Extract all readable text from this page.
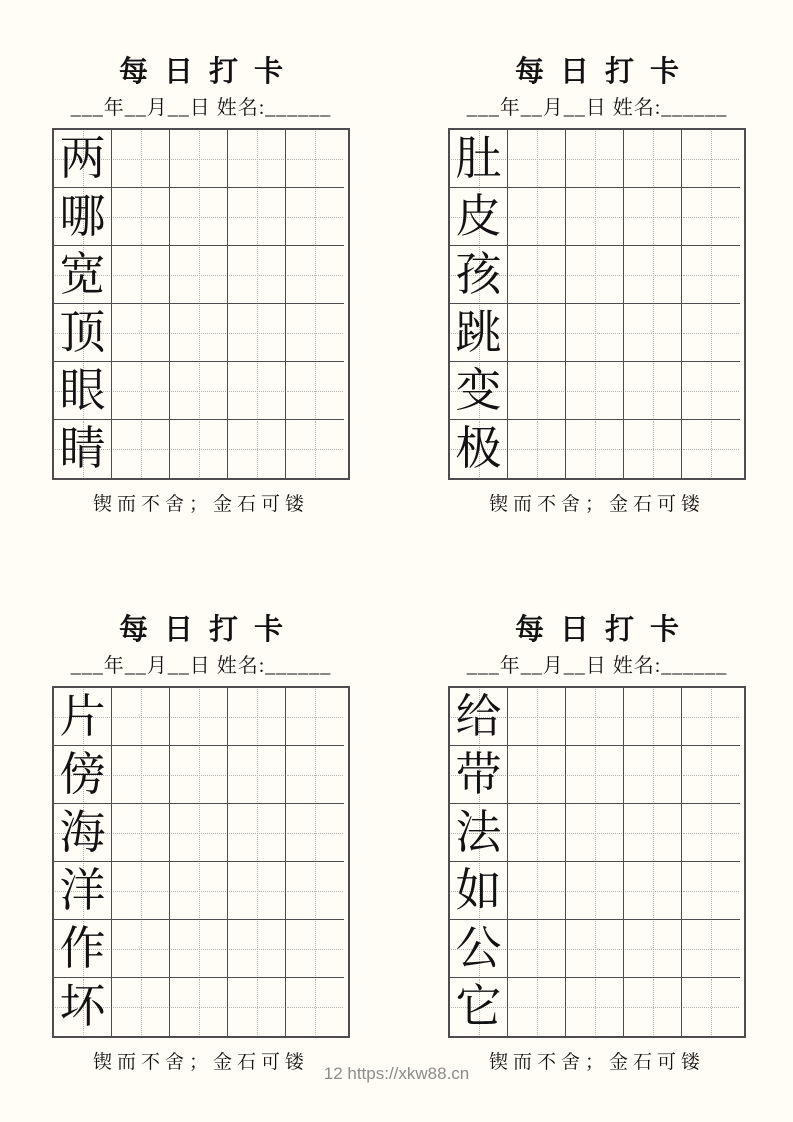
每日打卡
___年__月__日 姓名:______
两
哪
宽
顶
眼
睛
锲而不舍；金石可镂
每日打卡
___年__月__日 姓名:______
肚
皮
孩
跳
变
极
锲而不舍；金石可镂
每日打卡
___年__月__日 姓名:______
片
傍
海
洋
作
坏
锲而不舍；金石可镂
每日打卡
___年__月__日 姓名:______
给
带
法
如
公
它
锲而不舍；金石可镂
12 https://xkw88.cn
